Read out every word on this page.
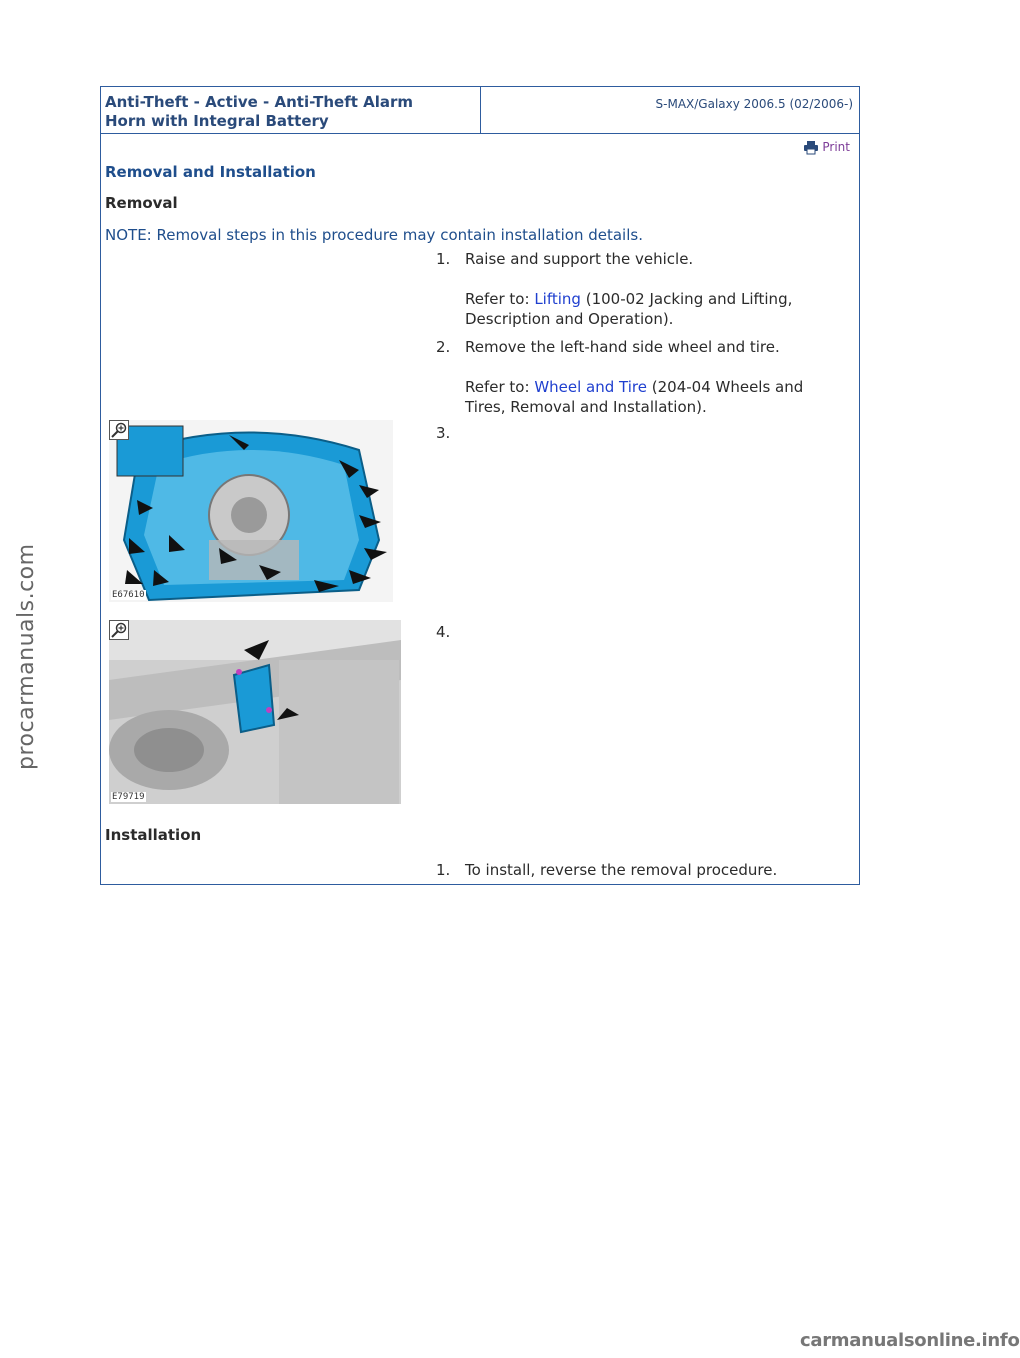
Anti-Theft - Active - Anti-Theft Alarm
Horn with Integral Battery
S-MAX/Galaxy 2006.5 (02/2006-)
Print
Removal and Installation
Removal
NOTE: Removal steps in this procedure may contain installation details.
1. Raise and support the vehicle.
Refer to: Lifting (100-02 Jacking and Lifting,
Description and Operation).
2. Remove the left-hand side wheel and tire.
Refer to: Wheel and Tire (204-04 Wheels and
Tires, Removal and Installation).
3.
E67610
4.
E79719
Installation
1. To install, reverse the removal procedure.
procarmanuals.com
carmanualsonline.info
